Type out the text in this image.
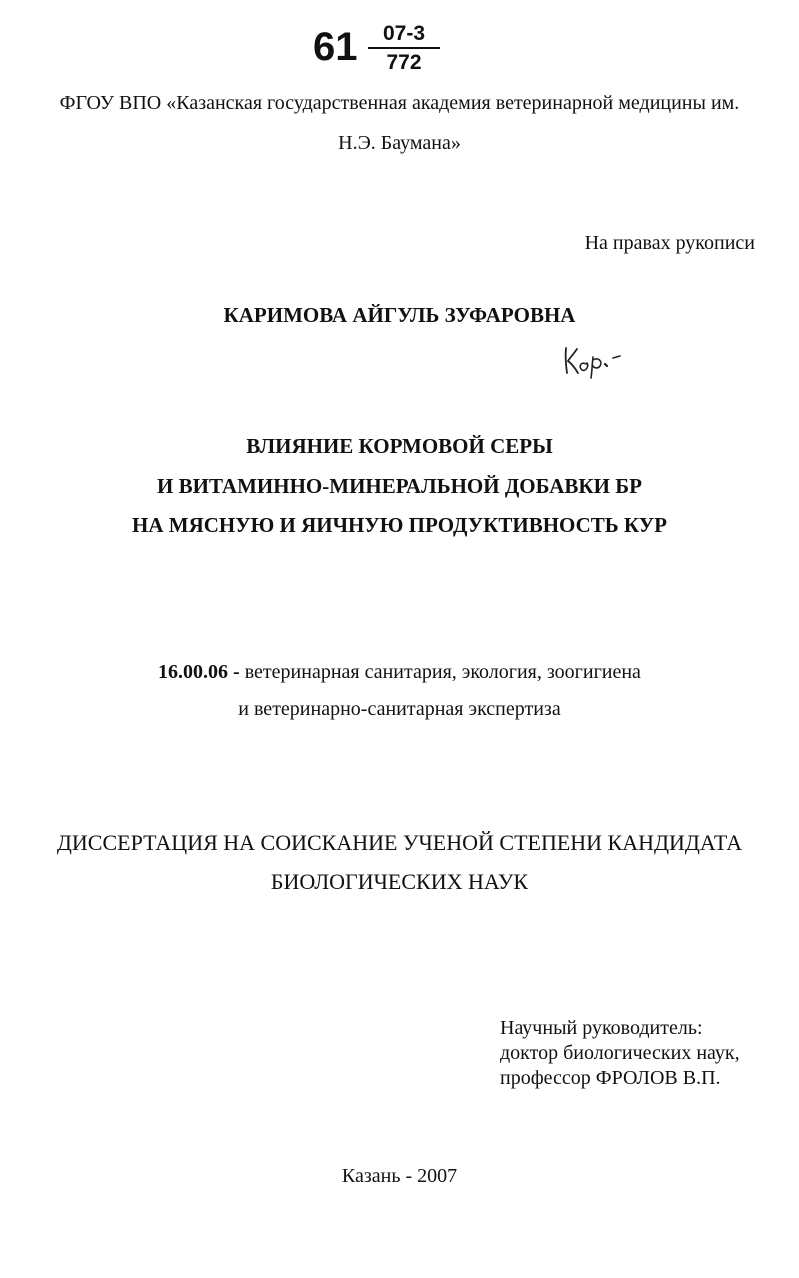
61	07-3
772
ФГОУ ВПО «Казанская государственная академия ветеринарной медицины им.
Н.Э. Баумана»
На правах рукописи
КАРИМОВА АЙГУЛЬ ЗУФАРОВНА
ВЛИЯНИЕ КОРМОВОЙ СЕРЫ
И ВИТАМИННО-МИНЕРАЛЬНОЙ ДОБАВКИ БР
НА МЯСНУЮ И ЯИЧНУЮ ПРОДУКТИВНОСТЬ КУР
16.00.06 - ветеринарная санитария, экология, зоогигиена
и ветеринарно-санитарная экспертиза
ДИССЕРТАЦИЯ НА СОИСКАНИЕ УЧЕНОЙ СТЕПЕНИ КАНДИДАТА
БИОЛОГИЧЕСКИХ НАУК
Научный руководитель:
доктор биологических наук,
профессор ФРОЛОВ В.П.
Казань - 2007
